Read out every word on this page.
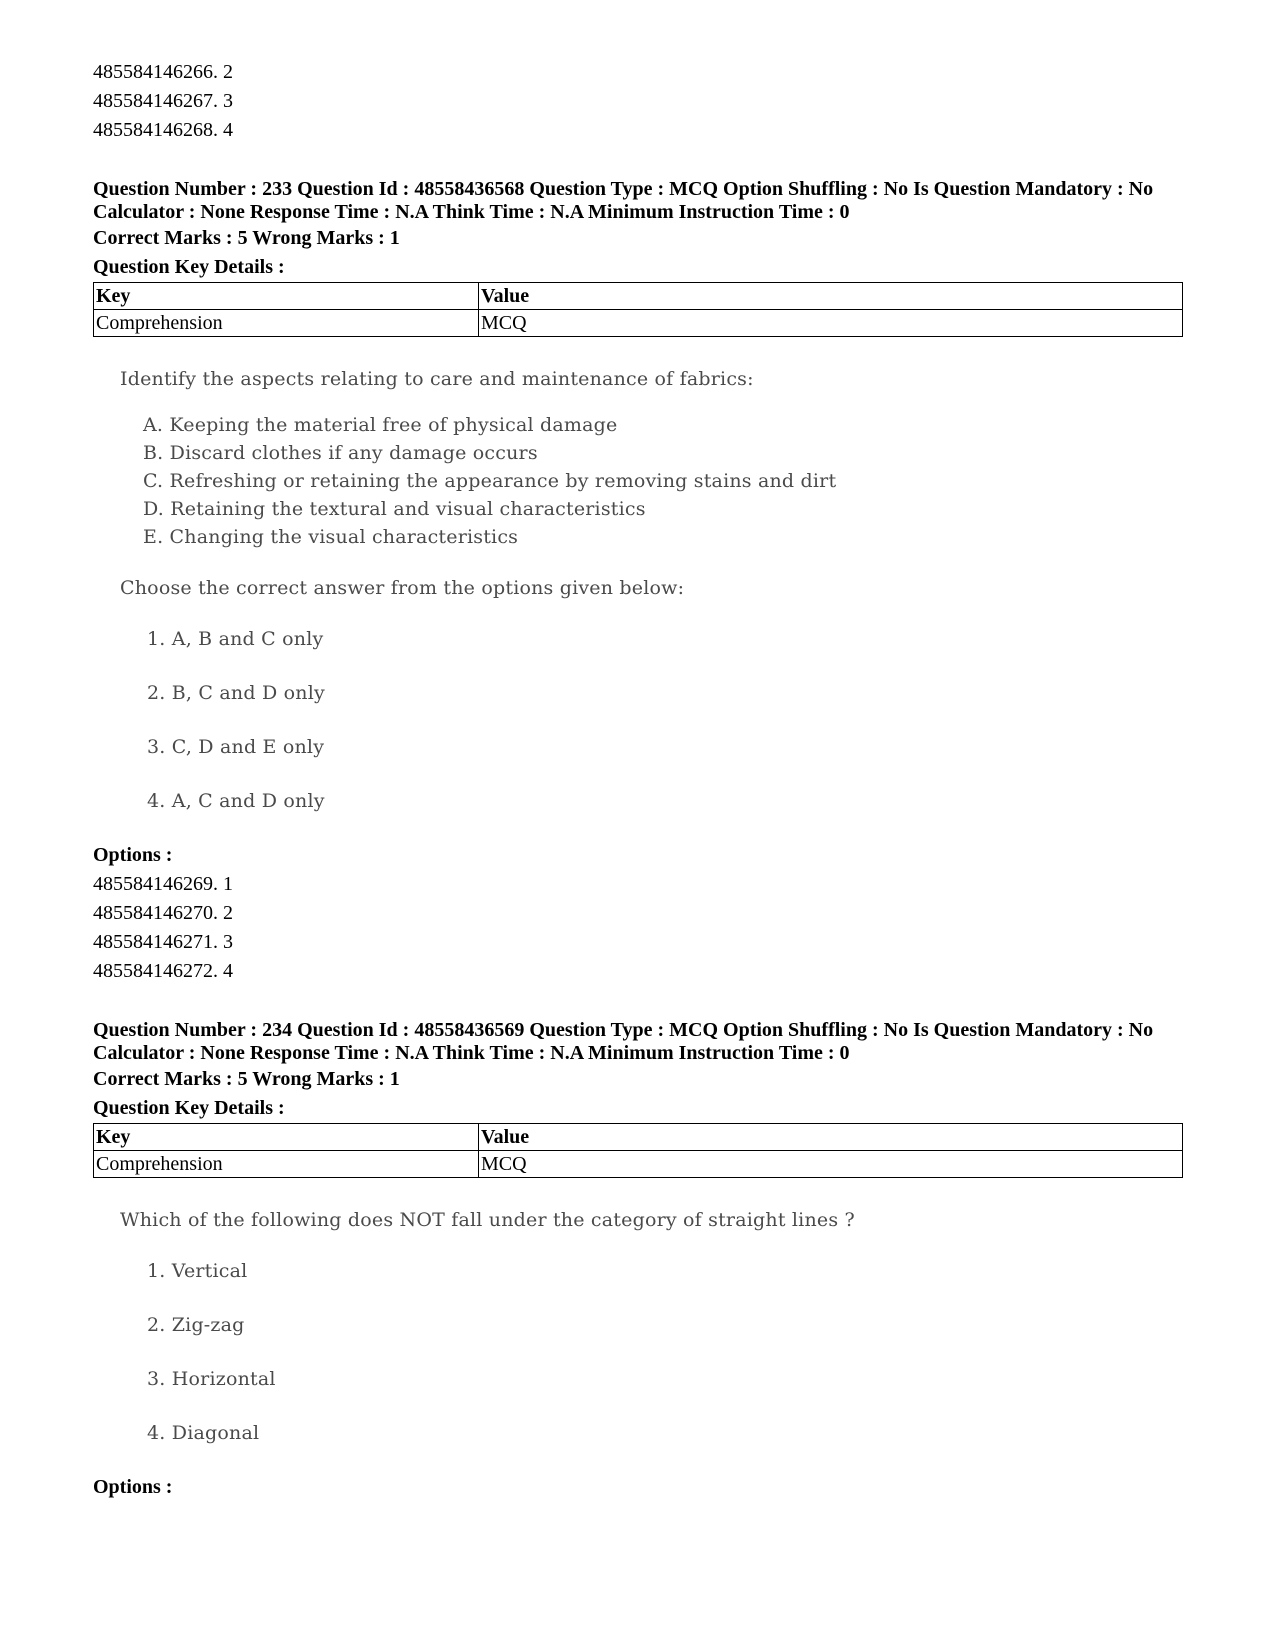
485584146266. 2
485584146267. 3
485584146268. 4
Question Number : 233 Question Id : 48558436568 Question Type : MCQ Option Shuffling : No Is Question Mandatory : No Calculator : None Response Time : N.A Think Time : N.A Minimum Instruction Time : 0
Correct Marks : 5 Wrong Marks : 1
Question Key Details :
Key	Value
Comprehension	MCQ
Identify the aspects relating to care and maintenance of fabrics:
A. Keeping the material free of physical damage
B. Discard clothes if any damage occurs
C. Refreshing or retaining the appearance by removing stains and dirt
D. Retaining the textural and visual characteristics
E. Changing the visual characteristics
Choose the correct answer from the options given below:
1. A, B and C only
2. B, C and D only
3. C, D and E only
4. A, C and D only
Options :
485584146269. 1
485584146270. 2
485584146271. 3
485584146272. 4
Question Number : 234 Question Id : 48558436569 Question Type : MCQ Option Shuffling : No Is Question Mandatory : No Calculator : None Response Time : N.A Think Time : N.A Minimum Instruction Time : 0
Correct Marks : 5 Wrong Marks : 1
Question Key Details :
Key	Value
Comprehension	MCQ
Which of the following does NOT fall under the category of straight lines ?
1. Vertical
2. Zig-zag
3. Horizontal
4. Diagonal
Options :
